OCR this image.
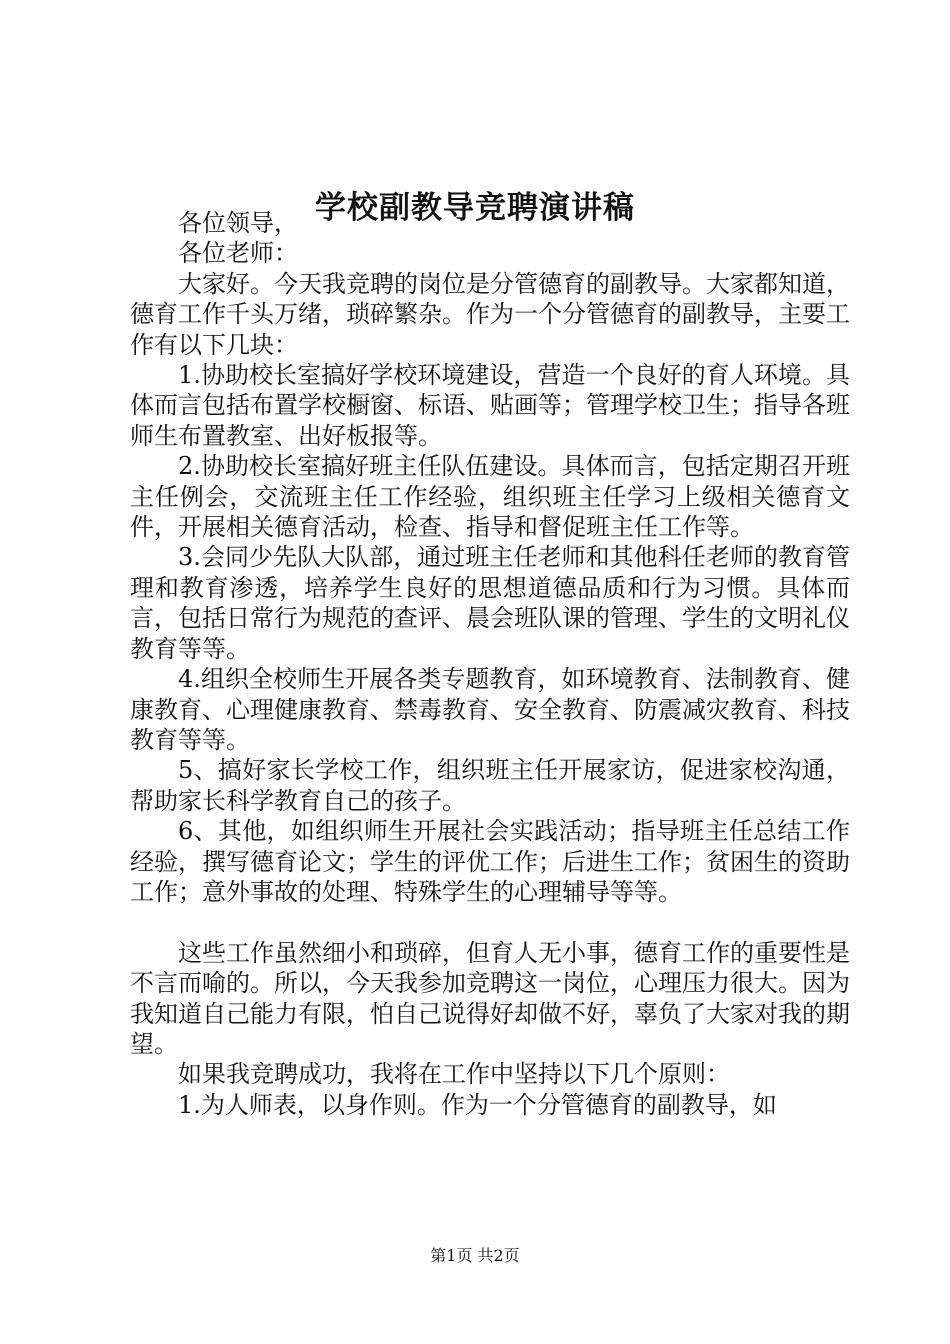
学校副教导竞聘演讲稿

各位领导，

各位老师：

大家好。今天我竞聘的岗位是分管德育的副教导。大家都知道，德育工作千头万绪，琐碎繁杂。作为一个分管德育的副教导，主要工作有以下几块：

1.协助校长室搞好学校环境建设，营造一个良好的育人环境。具体而言包括布置学校橱窗、标语、贴画等；管理学校卫生；指导各班师生布置教室、出好板报等。

2.协助校长室搞好班主任队伍建设。具体而言，包括定期召开班主任例会，交流班主任工作经验，组织班主任学习上级相关德育文件，开展相关德育活动，检查、指导和督促班主任工作等。

3.会同少先队大队部，通过班主任老师和其他科任老师的教育管理和教育渗透，培养学生良好的思想道德品质和行为习惯。具体而言，包括日常行为规范的查评、晨会班队课的管理、学生的文明礼仪教育等等。

4.组织全校师生开展各类专题教育，如环境教育、法制教育、健康教育、心理健康教育、禁毒教育、安全教育、防震减灾教育、科技教育等等。

5、搞好家长学校工作，组织班主任开展家访，促进家校沟通，帮助家长科学教育自己的孩子。

6、其他，如组织师生开展社会实践活动；指导班主任总结工作经验，撰写德育论文；学生的评优工作；后进生工作；贫困生的资助工作；意外事故的处理、特殊学生的心理辅导等等。

这些工作虽然细小和琐碎，但育人无小事，德育工作的重要性是不言而喻的。所以，今天我参加竞聘这一岗位，心理压力很大。因为我知道自己能力有限，怕自己说得好却做不好，辜负了大家对我的期望。

如果我竞聘成功，我将在工作中坚持以下几个原则：

1.为人师表，以身作则。作为一个分管德育的副教导，如

第1页 共2页
